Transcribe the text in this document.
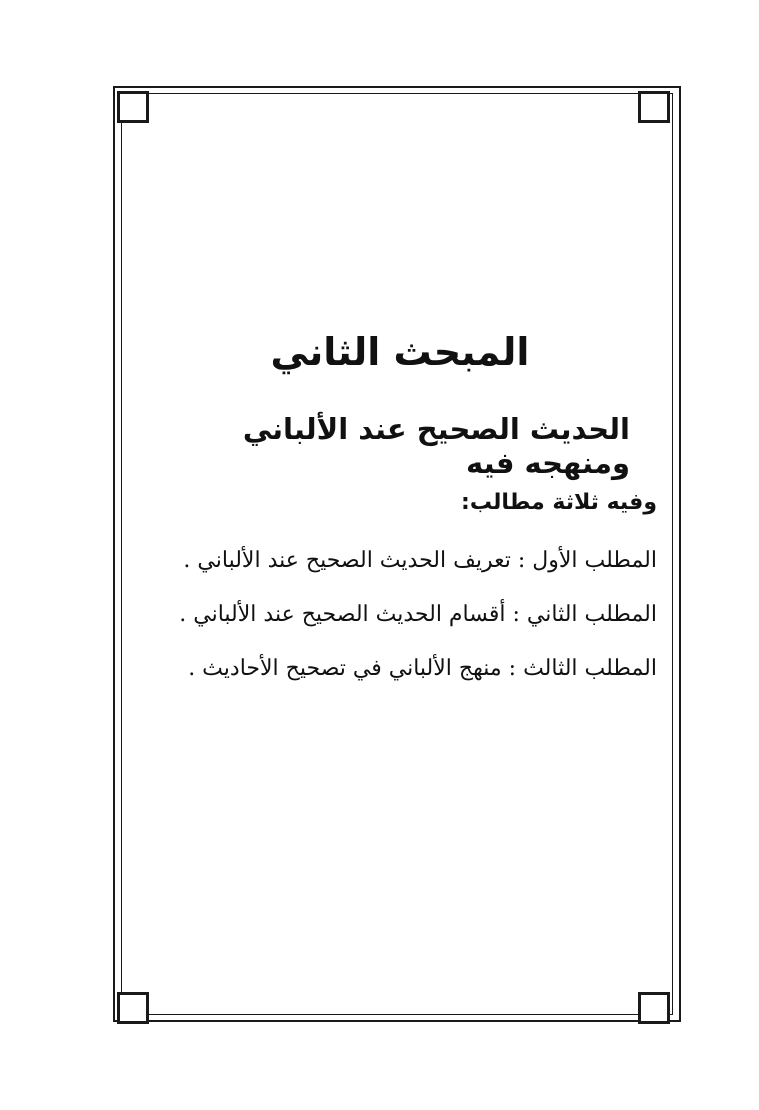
المبحث الثاني
الحديث الصحيح عند الألباني ومنهجه فيه
وفيه ثلاثة مطالب:
المطلب الأول : تعريف الحديث الصحيح عند الألباني .
المطلب الثاني : أقسام الحديث الصحيح عند الألباني .
المطلب الثالث : منهج الألباني في تصحيح الأحاديث .
